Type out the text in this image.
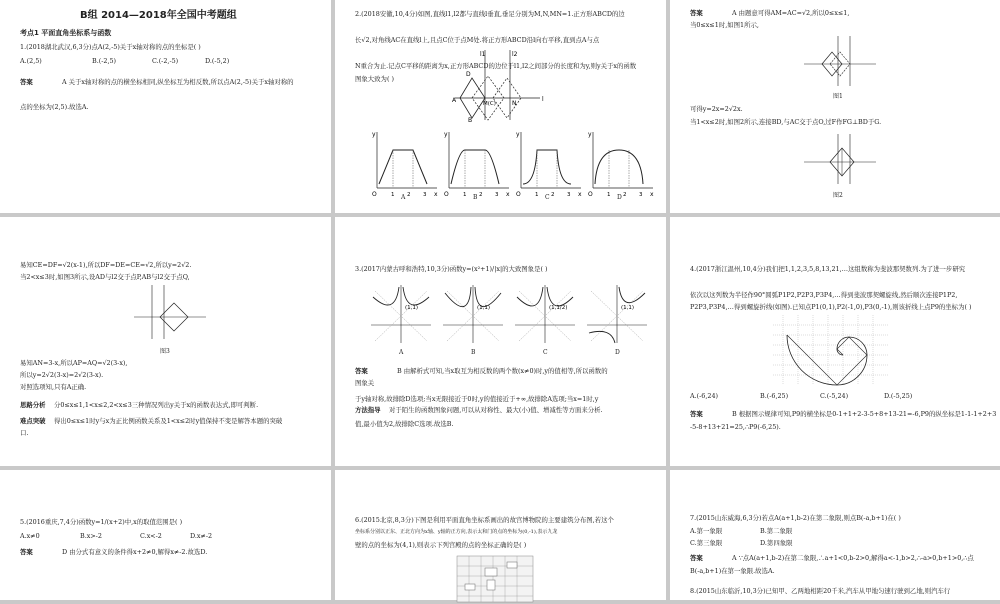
B组 2014—2018年全国中考题组
考点1 平面直角坐标系与函数
1.(2018湖北武汉,6,3分)点A(2,-5)关于x轴对称的点的坐标是( )
A.(2,5)	B.(-2,5)	C.(-2,-5)	D.(-5,2)
答案	A 关于x轴对称的点的横坐标相同,纵坐标互为相反数,所以点A(2,-5)关于x轴对称的
点的坐标为(2,5).故选A.
2.(2018安徽,10,4分)如图,直线l1,l2都与直线l垂直,垂足分别为M,N,MN=1.正方形ABCD的边
长√2,对角线AC在直线l上,且点C位于点M处.将正方形ABCD沿l向右平移,直到点A与点
N重合为止.记点C平移的距离为x,正方形ABCD的边位于l1,l2之间部分的长度和为y,则y关于x的函数
图象大致为( )
l1	l2
D
A	M(C)	N
l
B
y
x
O	1 2 3
A
y
x
O	1 2 3
B
y
x
O	1 2 3
C
y
x
O	1 2 3
D
答案	A 由题意可得AM=AC=√2,所以0≤x≤1,
当0≤x≤1时,如图1所示,
图1
可得y=2x=2√2x.
当1<x≤2时,如图2所示,连接BD,与AC交于点O,过F作FG⊥BD于G.
图2
易知CE=DF=√2(x-1),所以DF=DE=CE=√2,所以y=2√2.
当2<x≤3时,如图3所示,设AD与l2交于点P,AB与l2交于点Q,
图3
易知AN=3-x,所以AP=AQ=√2(3-x),
所以y=2√2(3-x)=2√2(3-x).
对照选项知,只有A正确.
思路分析 分0≤x≤1,1<x≤2,2<x≤3三种情况列出y关于x的函数表达式,即可判断.
难点突破 得出0≤x≤1时y与x为正比例函数关系及1<x≤2时y值保持不变是解答本题的突破
口.
3.(2017内蒙古呼和浩特,10,3分)函数y=(x²+1)/|x|的大致图象是( )
(1,1)
A
(1,1)
B
(1,1/2)
C
(1,1)
D
答案	B 由解析式可知,当x取互为相反数的两个数(x≠0)时,y的值相等,所以函数的
图象关
于y轴对称,故排除D选项;当x无限接近于0时,y的值接近于+∞,故排除A选项;当x=1时,y
方法指导 对于陌生的函数图象问题,可以从对称性、最大(小)值、增减性等方面来分析.
值,最小值为2,故排除C选项.故选B.
4.(2017浙江温州,10,4分)我们把1,1,2,3,5,8,13,21,…这组数称为斐波那契数列.为了进一步研究
依次以这列数为半径作90°圆弧P1P2,P2P3,P3P4,…得到斐波那契螺旋线,然后顺次连接P1P2,
P2P3,P3P4,…得到螺旋折线(如图).已知点P1(0,1),P2(-1,0),P3(0,-1),则该折线上点P9的坐标为( )
A.(-6,24)	B.(-6,25)	C.(-5,24)	D.(-5,25)
答案	B 根据图示规律可知,P9的横坐标是0-1+1+2-3-5+8+13-21=-6,P9的纵坐标是1-1-1+2+3
-5-8+13+21=25,∴P9(-6,25).
5.(2016重庆,7,4分)函数y=1/(x+2)中,x的取值范围是( )
A.x≠0	B.x>-2	C.x<-2	D.x≠-2
答案	D 由分式有意义的条件得x+2≠0,解得x≠-2.故选D.
6.(2015北京,8,3分)下图是利用平面直角坐标系画出的故宫博物院的主要建筑分布图,若这个
坐标系分别以正东、正北方向为x轴、y轴的正方向,表示太和门的点的坐标为(0,-1),表示九龙
壁的点的坐标为(4,1),则表示下列宫殿的点的坐标正确的是( )
7.(2015山东威海,6,3分)若点A(a+1,b-2)在第二象限,则点B(-a,b+1)在( )
A.第一象限	B.第二象限
C.第三象限	D.第四象限
答案	A ∵点A(a+1,b-2)在第二象限,∴a+1<0,b-2>0,解得a<-1,b>2,∴-a>0,b+1>0,∴点
B(-a,b+1)在第一象限.故选A.
8.(2015山东临沂,10,3分)已知甲、乙两地相距20千米,汽车从甲地匀速行驶到乙地,则汽车行
